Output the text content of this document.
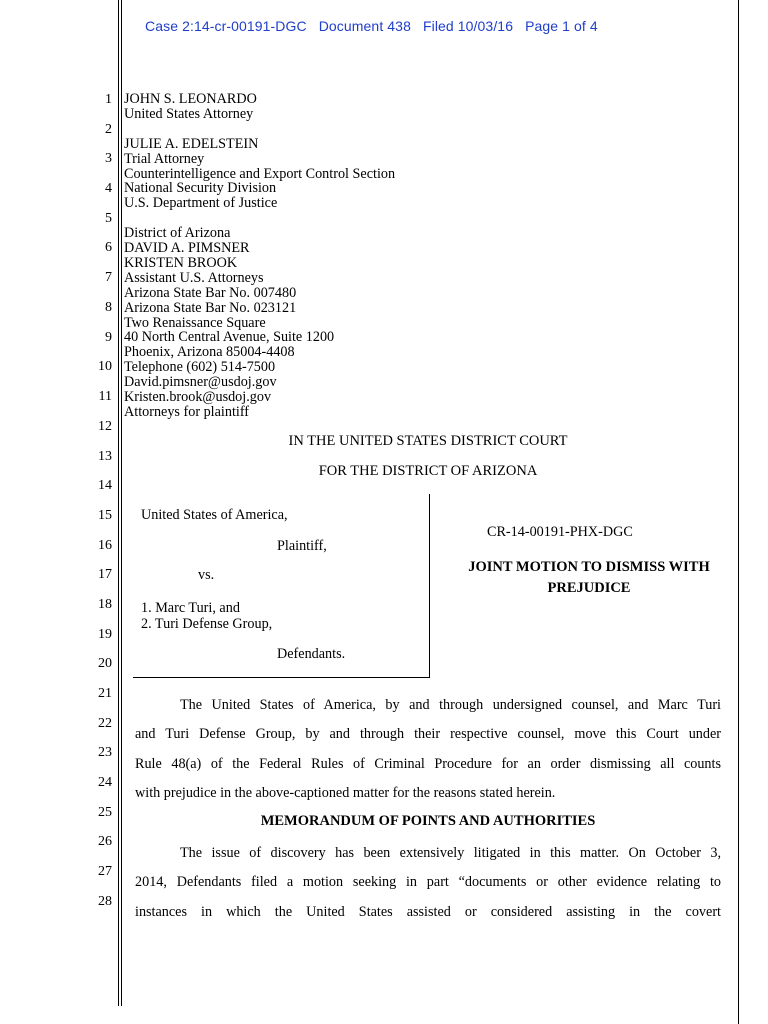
Case 2:14-cr-00191-DGC Document 438 Filed 10/03/16 Page 1 of 4
1
2
3
4
5
6
7
8
9
10
11
12
13
14
15
16
17
18
19
20
21
22
23
24
25
26
27
28
JOHN S. LEONARDO
United States Attorney
JULIE A. EDELSTEIN
Trial Attorney
Counterintelligence and Export Control Section
National Security Division
U.S. Department of Justice
District of Arizona
DAVID A. PIMSNER
KRISTEN BROOK
Assistant U.S. Attorneys
Arizona State Bar No. 007480
Arizona State Bar No. 023121
Two Renaissance Square
40 North Central Avenue, Suite 1200
Phoenix, Arizona 85004-4408
Telephone (602) 514-7500
David.pimsner@usdoj.gov
Kristen.brook@usdoj.gov
Attorneys for plaintiff
IN THE UNITED STATES DISTRICT COURT
FOR THE DISTRICT OF ARIZONA
United States of America,
Plaintiff,
vs.
1. Marc Turi, and
2. Turi Defense Group,
Defendants.
CR-14-00191-PHX-DGC
JOINT MOTION TO DISMISS WITH
PREJUDICE
The United States of America, by and through undersigned counsel, and Marc Turi
and Turi Defense Group, by and through their respective counsel, move this Court under
Rule 48(a) of the Federal Rules of Criminal Procedure for an order dismissing all counts
with prejudice in the above-captioned matter for the reasons stated herein.
MEMORANDUM OF POINTS AND AUTHORITIES
The issue of discovery has been extensively litigated in this matter. On October 3,
2014, Defendants filed a motion seeking in part “documents or other evidence relating to
instances in which the United States assisted or considered assisting in the covert
